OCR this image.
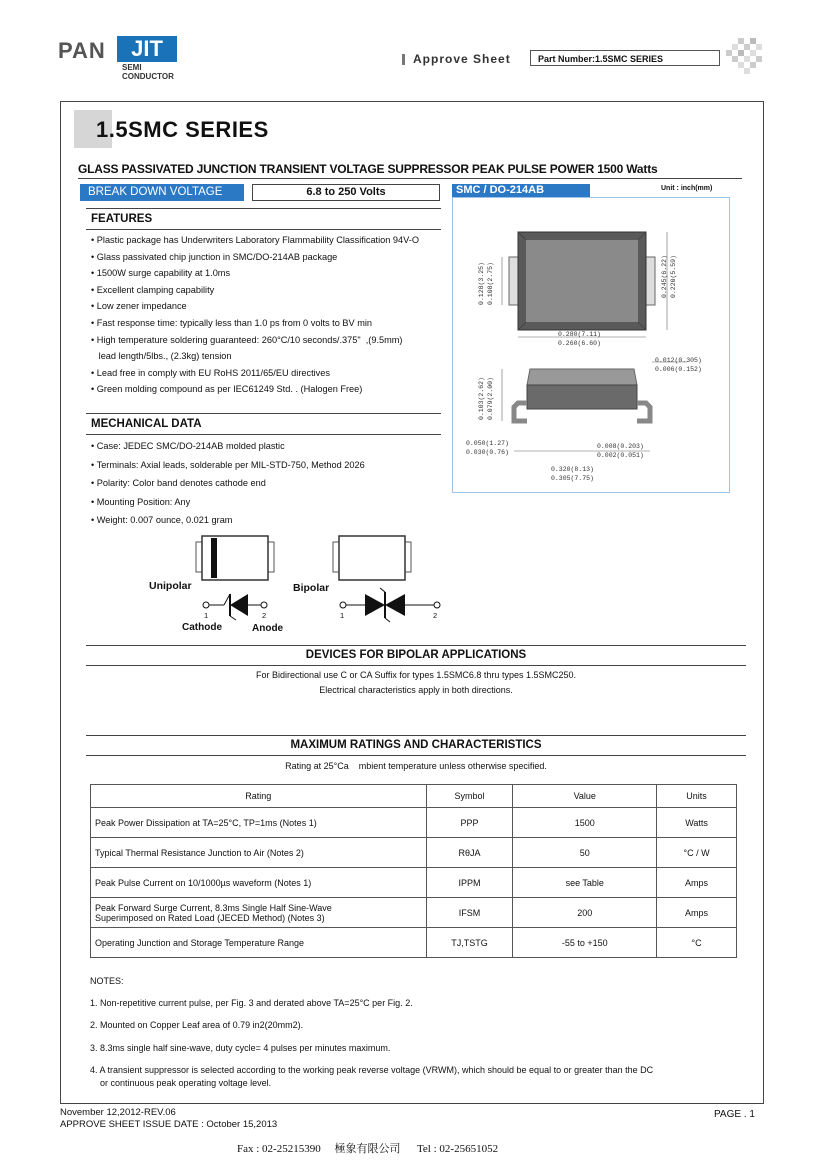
PAN	JIT
SEMI
CONDUCTOR
Approve Sheet	Part Number:1.5SMC SERIES
1.5SMC SERIES
GLASS PASSIVATED JUNCTION TRANSIENT VOLTAGE SUPPRESSOR PEAK PULSE POWER 1500 Watts
BREAK DOWN VOLTAGE	6.8 to 250 Volts
FEATURES
• Plastic package has Underwriters Laboratory Flammability Classification 94V-O
• Glass passivated chip junction in SMC/DO-214AB package
• 1500W surge capability at 1.0ms
• Excellent clamping capability
• Low zener impedance
• Fast response time: typically less than 1.0 ps from 0 volts to BV min
• High temperature soldering guaranteed: 260°C/10 seconds/.375"  ,(9.5mm)
lead length/5lbs., (2.3kg) tension
• Lead free in comply with EU RoHS 2011/65/EU directives
• Green molding compound as per IEC61249 Std. . (Halogen Free)
MECHANICAL DATA
• Case: JEDEC SMC/DO-214AB molded plastic
• Terminals: Axial leads, solderable per MIL-STD-750, Method 2026
• Polarity: Color band denotes cathode end
• Mounting Position: Any
• Weight: 0.007 ounce, 0.021 gram
SMC / DO-214AB	Unit : inch(mm)
0.128(3.25) 0.108(2.75)	0.245(6.22) 0.220(5.59)
0.280(7.11)
0.260(6.60)
0.012(0.305)
0.006(0.152)
0.103(2.62) 0.079(2.00)
0.050(1.27)
0.030(0.76)
0.008(0.203)
0.002(0.051)
0.320(8.13)
0.305(7.75)
Unipolar	Bipolar
1	2	1	2
Cathode	Anode
DEVICES FOR BIPOLAR APPLICATIONS
For Bidirectional use C or CA Suffix for types 1.5SMC6.8 thru types 1.5SMC250.
Electrical characteristics apply in both directions.
MAXIMUM RATINGS AND CHARACTERISTICS
Rating at 25°Ca    mbient temperature unless otherwise specified.
Rating	Symbol	Value	Units
Peak Power Dissipation at TA=25°C, TP=1ms (Notes 1)	PPP	1500	Watts
Typical Thermal Resistance Junction to Air (Notes 2)	RθJA	50	°C / W
Peak Pulse Current on 10/1000µs waveform (Notes 1)	IPPM	see Table	Amps
Peak Forward Surge Current, 8.3ms Single Half Sine-Wave Superimposed on Rated Load (JECED Method) (Notes 3)	IFSM	200	Amps
Operating Junction and Storage Temperature Range	TJ,TSTG	-55 to +150	°C
NOTES:
1. Non-repetitive current pulse, per Fig. 3 and derated above TA=25°C per Fig. 2.
2. Mounted on Copper Leaf area of 0.79 in2(20mm2).
3. 8.3ms single half sine-wave, duty cycle= 4 pulses per minutes maximum.
4. A transient suppressor is selected according to the working peak reverse voltage (VRWM), which should be equal to or greater than the DC
or continuous peak operating voltage level.
November 12,2012-REV.06
APPROVE SHEET ISSUE DATE : October 15,2013
PAGE . 1
Fax : 02-25215390     極象有限公司      Tel : 02-25651052
